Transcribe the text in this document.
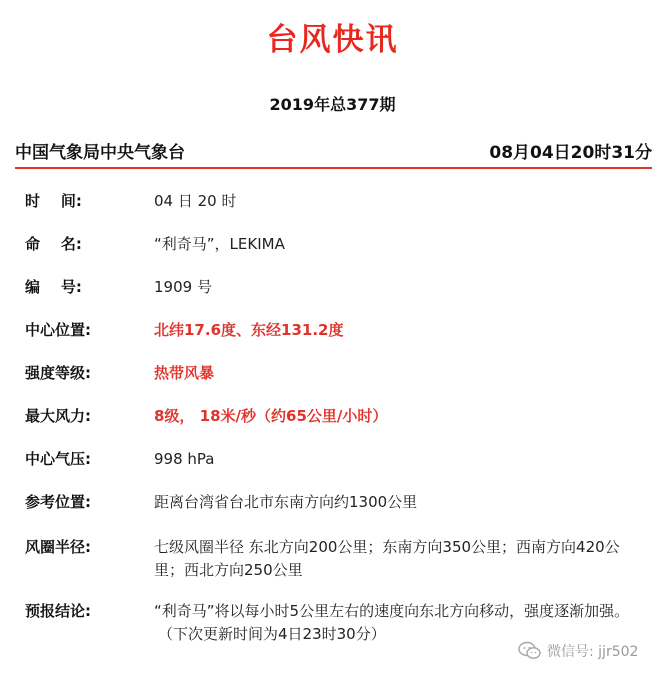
台风快讯
2019年总377期
中国气象局中央气象台	08月04日20时31分
时    间:	04 日 20 时
命    名:	“利奇马”，LEKIMA
编    号:	1909 号
中心位置:	北纬17.6度、东经131.2度
强度等级:	热带风暴
最大风力:	8级， 18米/秒（约65公里/小时）
中心气压:	998 hPa
参考位置:	距离台湾省台北市东南方向约1300公里
风圈半径:	七级风圈半径 东北方向200公里；东南方向350公里；西南方向420公里；西北方向250公里
预报结论:	“利奇马”将以每小时5公里左右的速度向东北方向移动，强度逐渐加强。
（下次更新时间为4日23时30分）
微信号: jjr502
